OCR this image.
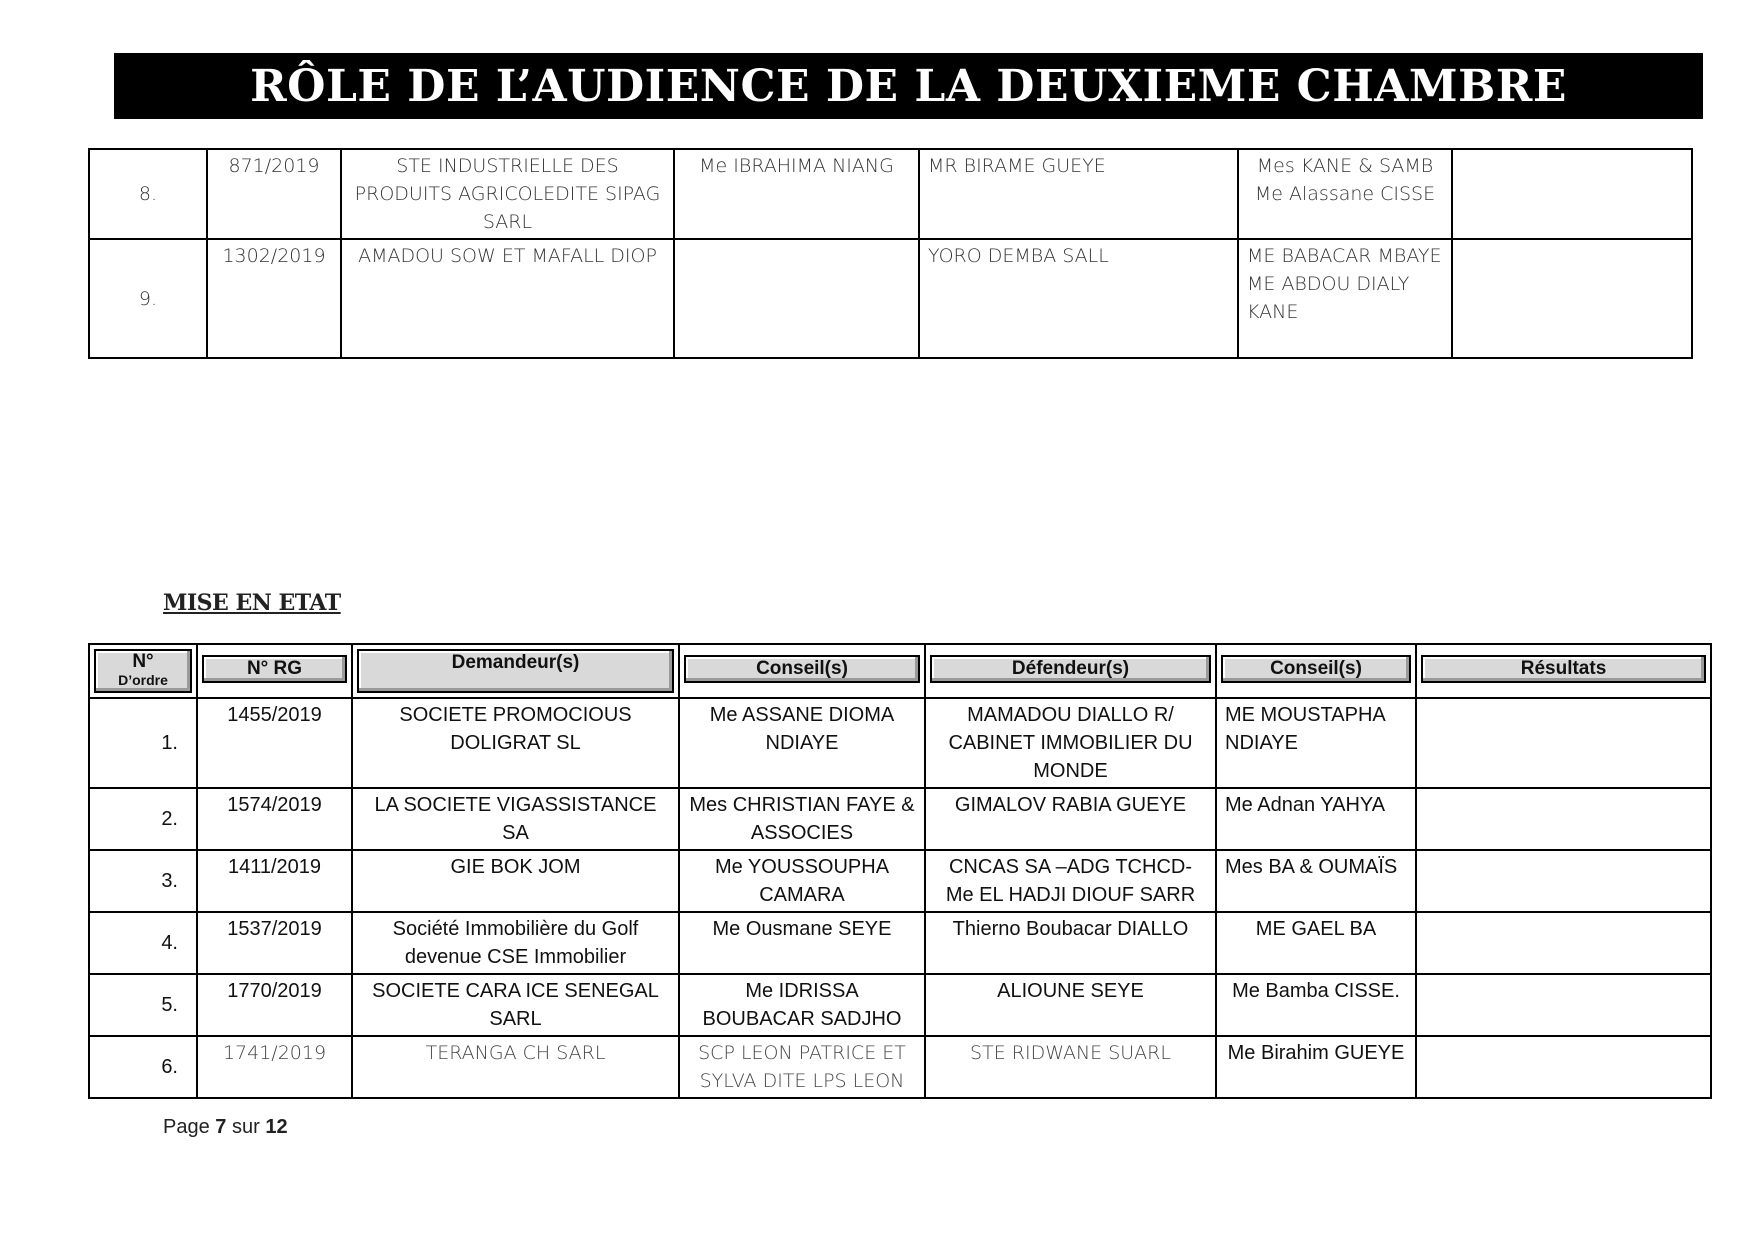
RÔLE DE L’AUDIENCE DE LA DEUXIEME CHAMBRE
8.	871/2019	STE INDUSTRIELLE DES PRODUITS AGRICOLEDITE SIPAG SARL	Me IBRAHIMA NIANG	MR BIRAME GUEYE	Mes KANE & SAMB
Me Alassane CISSE	
9.	1302/2019	AMADOU SOW ET MAFALL DIOP		YORO DEMBA SALL	ME BABACAR MBAYE
ME ABDOU DIALY KANE	
MISE EN ETAT
N°
D’ordre	N° RG	Demandeur(s)	Conseil(s)	Défendeur(s)	Conseil(s)	Résultats

1.	1455/2019	SOCIETE PROMOCIOUS DOLIGRAT SL	Me ASSANE DIOMA NDIAYE	MAMADOU DIALLO R/ CABINET IMMOBILIER DU MONDE	ME MOUSTAPHA NDIAYE	
2.	1574/2019	LA SOCIETE VIGASSISTANCE SA	Mes CHRISTIAN FAYE & ASSOCIES	GIMALOV RABIA GUEYE	Me Adnan YAHYA	
3.	1411/2019	GIE BOK JOM	Me YOUSSOUPHA CAMARA	CNCAS SA –ADG TCHCD- Me EL HADJI DIOUF SARR	Mes BA & OUMAÏS	
4.	1537/2019	Société Immobilière du Golf devenue CSE Immobilier	Me Ousmane SEYE	Thierno Boubacar DIALLO	ME GAEL BA	
5.	1770/2019	SOCIETE CARA ICE SENEGAL SARL	Me IDRISSA BOUBACAR SADJHO	ALIOUNE SEYE	Me Bamba CISSE.	
6.	1741/2019	TERANGA CH SARL	SCP LEON PATRICE ET SYLVA DITE LPS LEON	STE RIDWANE SUARL	Me Birahim GUEYE	
Page 7 sur 12
